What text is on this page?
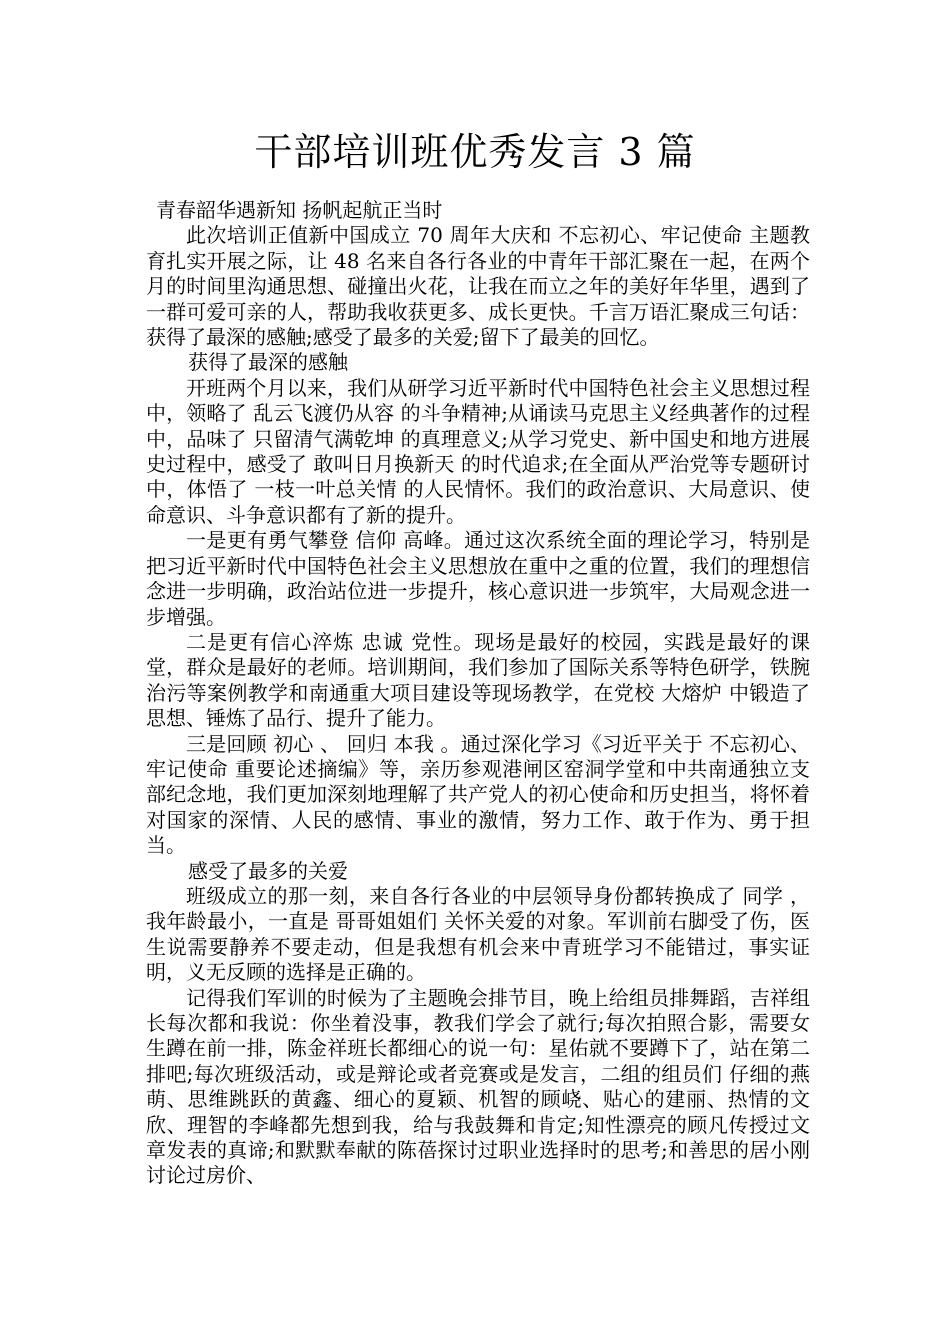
干部培训班优秀发言 3 篇

青春韶华遇新知 扬帆起航正当时

此次培训正值新中国成立 70 周年大庆和 不忘初心、牢记使命 主题教育扎实开展之际，让 48 名来自各行各业的中青年干部汇聚在一起，在两个月的时间里沟通思想、碰撞出火花，让我在而立之年的美好年华里，遇到了一群可爱可亲的人，帮助我收获更多、成长更快。千言万语汇聚成三句话：获得了最深的感触;感受了最多的关爱;留下了最美的回忆。

获得了最深的感触

开班两个月以来，我们从研学习近平新时代中国特色社会主义思想过程中，领略了 乱云飞渡仍从容 的斗争精神;从诵读马克思主义经典著作的过程中，品味了 只留清气满乾坤 的真理意义;从学习党史、新中国史和地方进展史过程中，感受了 敢叫日月换新天 的时代追求;在全面从严治党等专题研讨中，体悟了 一枝一叶总关情 的人民情怀。我们的政治意识、大局意识、使命意识、斗争意识都有了新的提升。

一是更有勇气攀登 信仰 高峰。通过这次系统全面的理论学习，特别是把习近平新时代中国特色社会主义思想放在重中之重的位置，我们的理想信念进一步明确，政治站位进一步提升，核心意识进一步筑牢，大局观念进一步增强。

二是更有信心淬炼 忠诚 党性。现场是最好的校园，实践是最好的课堂，群众是最好的老师。培训期间，我们参加了国际关系等特色研学，铁腕治污等案例教学和南通重大项目建设等现场教学，在党校 大熔炉 中锻造了思想、锤炼了品行、提升了能力。

三是回顾 初心 、 回归 本我 。通过深化学习《习近平关于 不忘初心、牢记使命 重要论述摘编》等，亲历参观港闸区窑洞学堂和中共南通独立支部纪念地，我们更加深刻地理解了共产党人的初心使命和历史担当，将怀着对国家的深情、人民的感情、事业的激情，努力工作、敢于作为、勇于担当。

感受了最多的关爱

班级成立的那一刻，来自各行各业的中层领导身份都转换成了 同学 ，我年龄最小，一直是 哥哥姐姐们 关怀关爱的对象。军训前右脚受了伤，医生说需要静养不要走动，但是我想有机会来中青班学习不能错过，事实证明，义无反顾的选择是正确的。

记得我们军训的时候为了主题晚会排节目，晚上给组员排舞蹈，吉祥组长每次都和我说：你坐着没事，教我们学会了就行;每次拍照合影，需要女生蹲在前一排，陈金祥班长都细心的说一句：星佑就不要蹲下了，站在第二排吧;每次班级活动，或是辩论或者竞赛或是发言，二组的组员们 仔细的燕萌、思维跳跃的黄鑫、细心的夏颖、机智的顾峣、贴心的建丽、热情的文欣、理智的李峰都先想到我，给与我鼓舞和肯定;知性漂亮的顾凡传授过文章发表的真谛;和默默奉献的陈蓓探讨过职业选择时的思考;和善思的居小刚讨论过房价、
